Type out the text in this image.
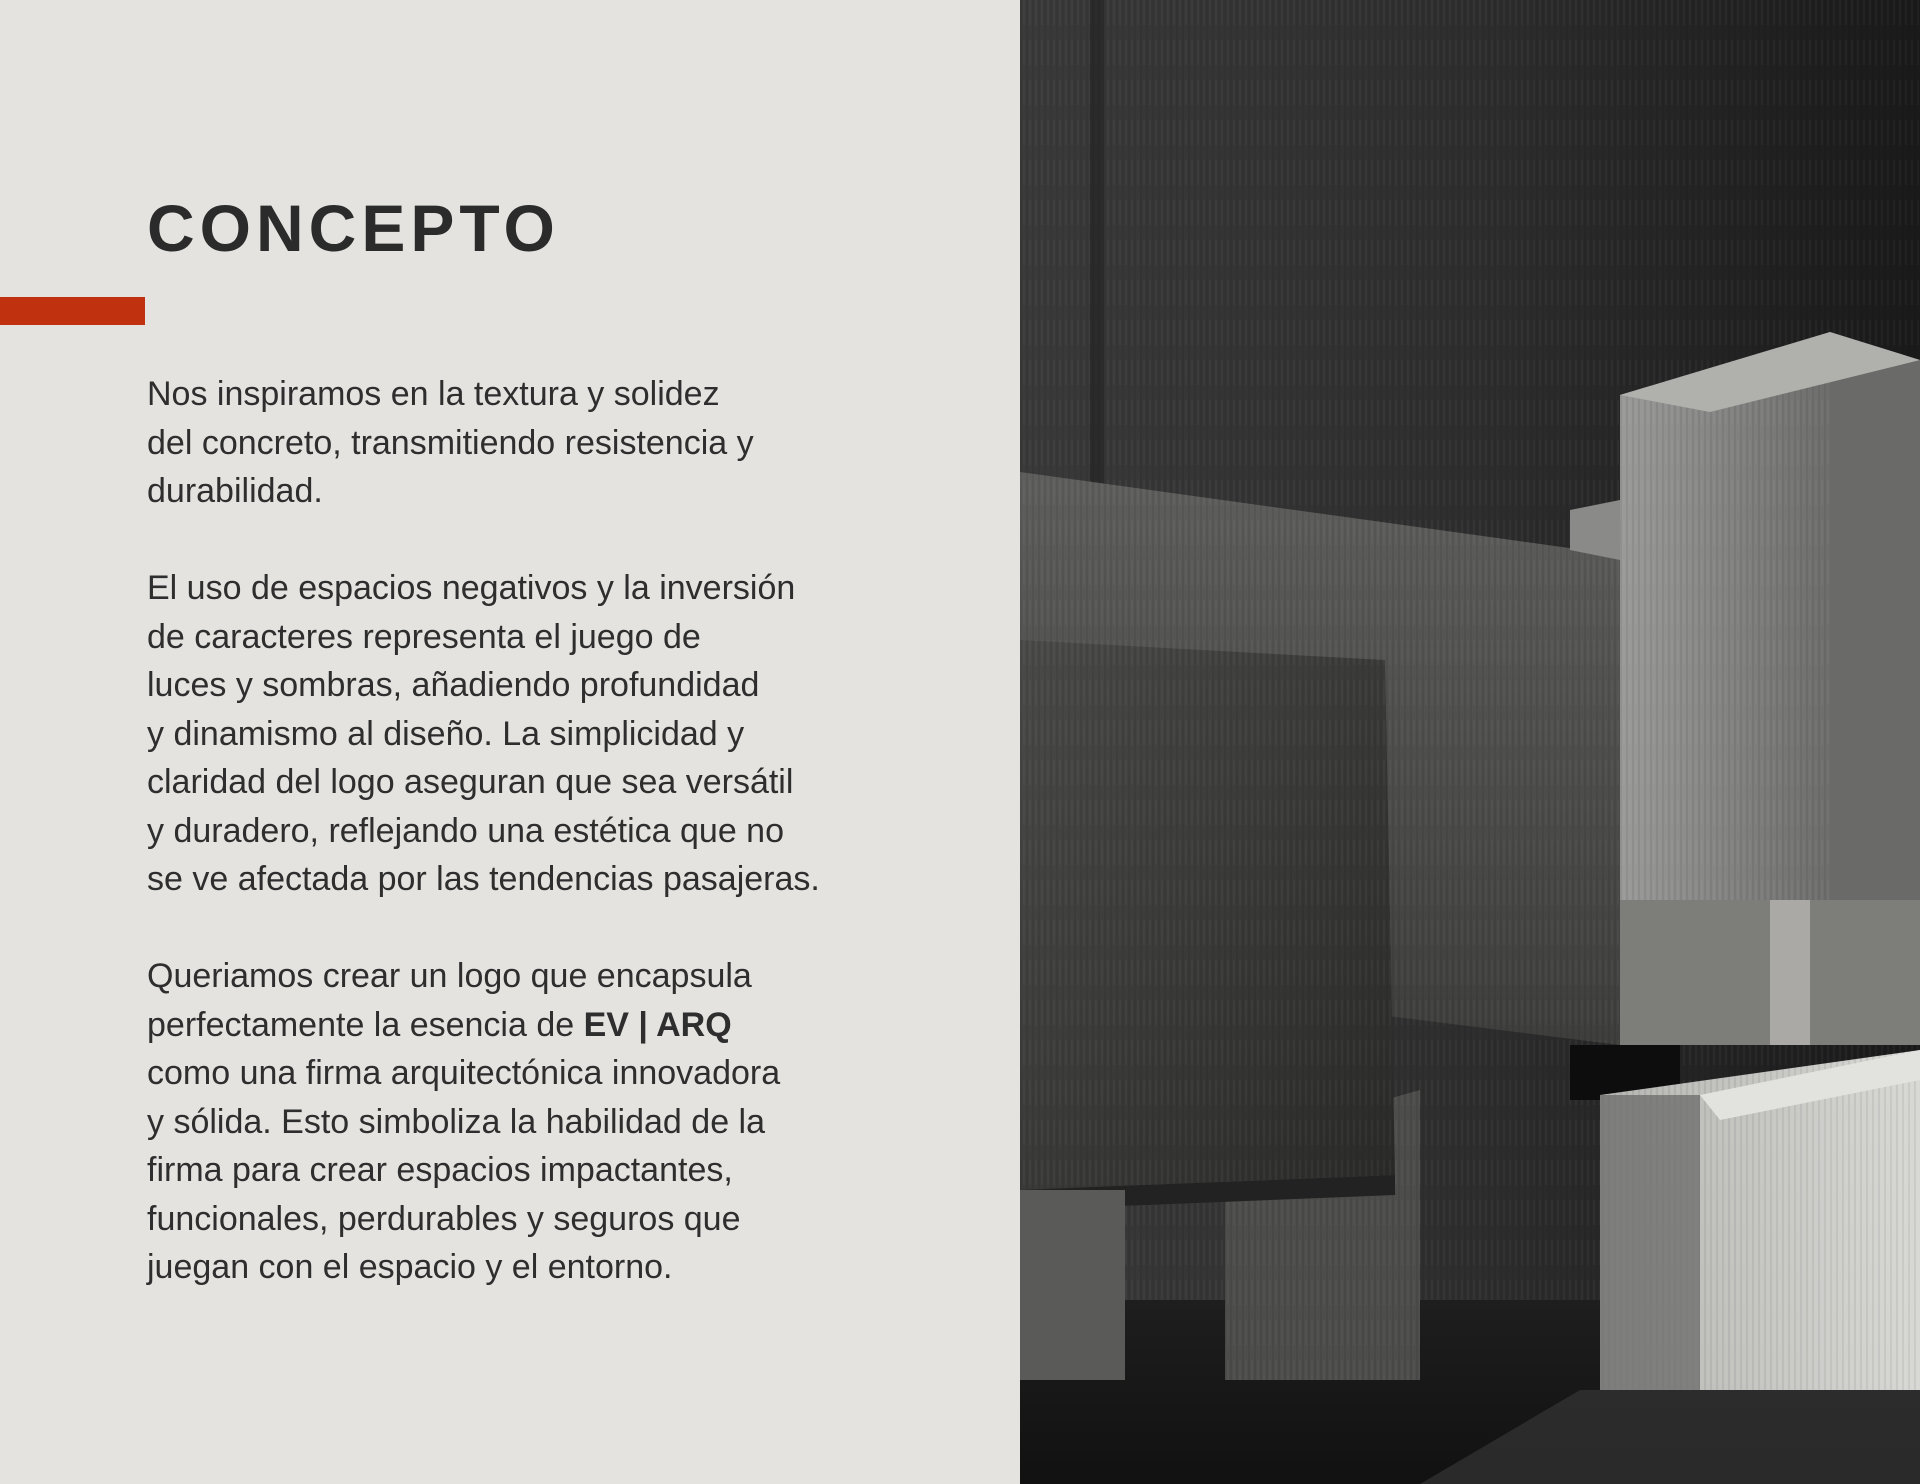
CONCEPTO

Nos inspiramos en la textura y solidez
del concreto, transmitiendo resistencia y
durabilidad.

El uso de espacios negativos y la inversión
de caracteres representa el juego de
luces y sombras, añadiendo profundidad
y dinamismo al diseño. La simplicidad y
claridad del logo aseguran que sea versátil
y duradero, reflejando una estética que no
se ve afectada por las tendencias pasajeras.

Queriamos crear un logo que encapsula
perfectamente la esencia de EV | ARQ
como una firma arquitectónica innovadora
y sólida. Esto simboliza la habilidad de la
firma para crear espacios impactantes,
funcionales, perdurables y seguros que
juegan con el espacio y el entorno.
